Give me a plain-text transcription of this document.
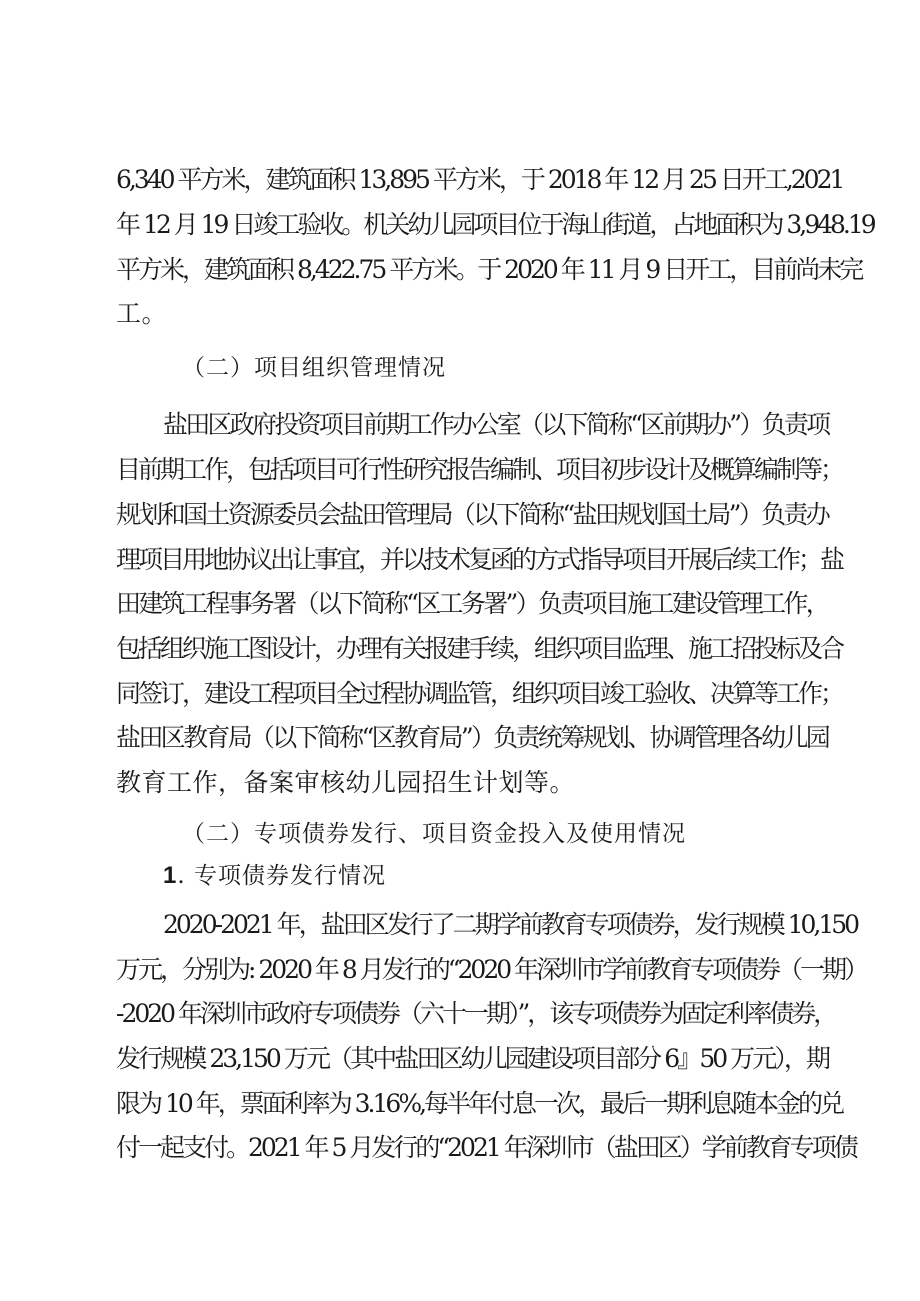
6,340 平方米，建筑面积 13,895 平方米，于 2018 年 12 月 25 日开工,2021
年 12 月 19 日竣工验收。机关幼儿园项目位于海山街道，占地面积为 3,948.19
平方米，建筑面积 8,422.75 平方米。于 2020 年 11 月 9 日开工，目前尚未完
工。
（二）项目组织管理情况
盐田区政府投资项目前期工作办公室（以下简称“区前期办”）负责项
目前期工作，包括项目可行性研究报告编制、项目初步设计及概算编制等；
规划和国土资源委员会盐田管理局（以下简称“盐田规划国土局”）负责办
理项目用地协议出让事宜，并以技术复函的方式指导项目开展后续工作；盐
田建筑工程事务署（以下简称“区工务署”）负责项目施工建设管理工作，
包括组织施工图设计，办理有关报建手续，组织项目监理、施工招投标及合
同签订，建设工程项目全过程协调监管，组织项目竣工验收、决算等工作；
盐田区教育局（以下简称“区教育局”）负责统筹规划、协调管理各幼儿园
教育工作，备案审核幼儿园招生计划等。
（二）专项债券发行、项目资金投入及使用情况
1. 专项债券发行情况
2020-2021 年，盐田区发行了二期学前教育专项债券，发行规模 10,150
万元，分别为: 2020 年 8 月发行的“2020 年深圳市学前教育专项债券（一期）
-2020 年深圳市政府专项债券（六十一期）”，该专项债券为固定利率债券，
发行规模 23,150 万元（其中盐田区幼儿园建设项目部分 6』50 万元），期
限为 10 年，票面利率为 3.16%,每半年付息一次，最后一期利息随本金的兑
付一起支付。2021 年 5 月发行的“2021 年深圳市（盐田区）学前教育专项债
